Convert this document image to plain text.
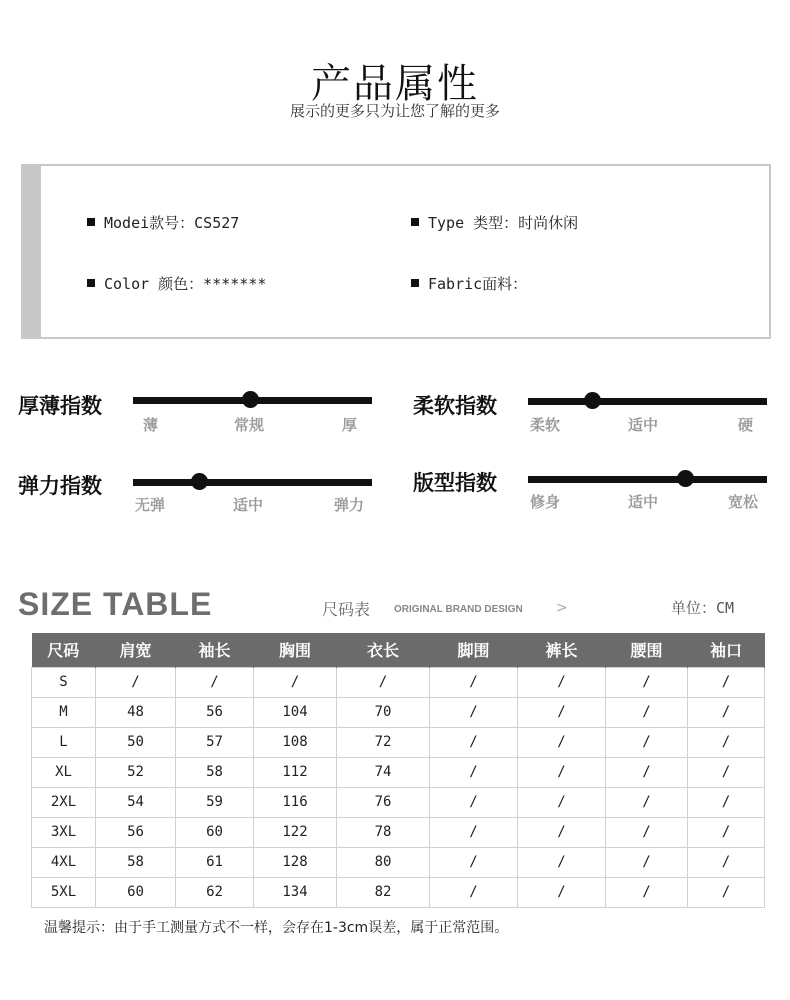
产品属性
展示的更多只为让您了解的更多
Modei款号：CS527	Type 类型：时尚休闲
Color 颜色：*******	Fabric面料：
厚薄指数
薄	常规	厚
柔软指数
柔软	适中	硬
弹力指数
无弹	适中	弹力
版型指数
修身	适中	宽松
SIZE TABLE	尺码表 ORIGINAL BRAND DESIGN >	单位：CM
尺码	肩宽	袖长	胸围	衣长	脚围	裤长	腰围	袖口
S	/	/	/	/	/	/	/	/
M	48	56	104	70	/	/	/	/
L	50	57	108	72	/	/	/	/
XL	52	58	112	74	/	/	/	/
2XL	54	59	116	76	/	/	/	/
3XL	56	60	122	78	/	/	/	/
4XL	58	61	128	80	/	/	/	/
5XL	60	62	134	82	/	/	/	/
温馨提示：由于手工测量方式不一样，会存在1-3cm误差，属于正常范围。
